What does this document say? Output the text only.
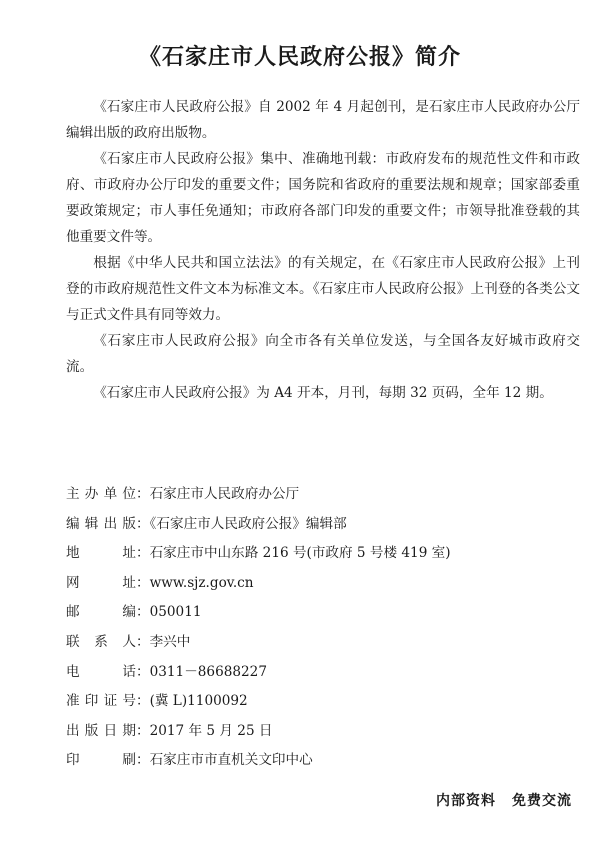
《石家庄市人民政府公报》简介

《石家庄市人民政府公报》自 2002 年 4 月起创刊，是石家庄市人民政府办公厅编辑出版的政府出版物。

《石家庄市人民政府公报》集中、准确地刊载：市政府发布的规范性文件和市政府、市政府办公厅印发的重要文件；国务院和省政府的重要法规和规章；国家部委重要政策规定；市人事任免通知；市政府各部门印发的重要文件；市领导批准登载的其他重要文件等。

根据《中华人民共和国立法法》的有关规定，在《石家庄市人民政府公报》上刊登的市政府规范性文件文本为标准文本。《石家庄市人民政府公报》上刊登的各类公文与正式文件具有同等效力。

《石家庄市人民政府公报》向全市各有关单位发送，与全国各友好城市政府交流。

《石家庄市人民政府公报》为 A4 开本，月刊，每期 32 页码，全年 12 期。

主办单位：石家庄市人民政府办公厅
编辑出版：《石家庄市人民政府公报》编辑部
地址：石家庄市中山东路 216 号(市政府 5 号楼 419 室)
网址：www.sjz.gov.cn
邮编：050011
联系人：李兴中
电话：0311－86688227
准印证号：(冀 L)1100092
出版日期：2017 年 5 月 25 日
印刷：石家庄市市直机关文印中心
内部资料 免费交流
